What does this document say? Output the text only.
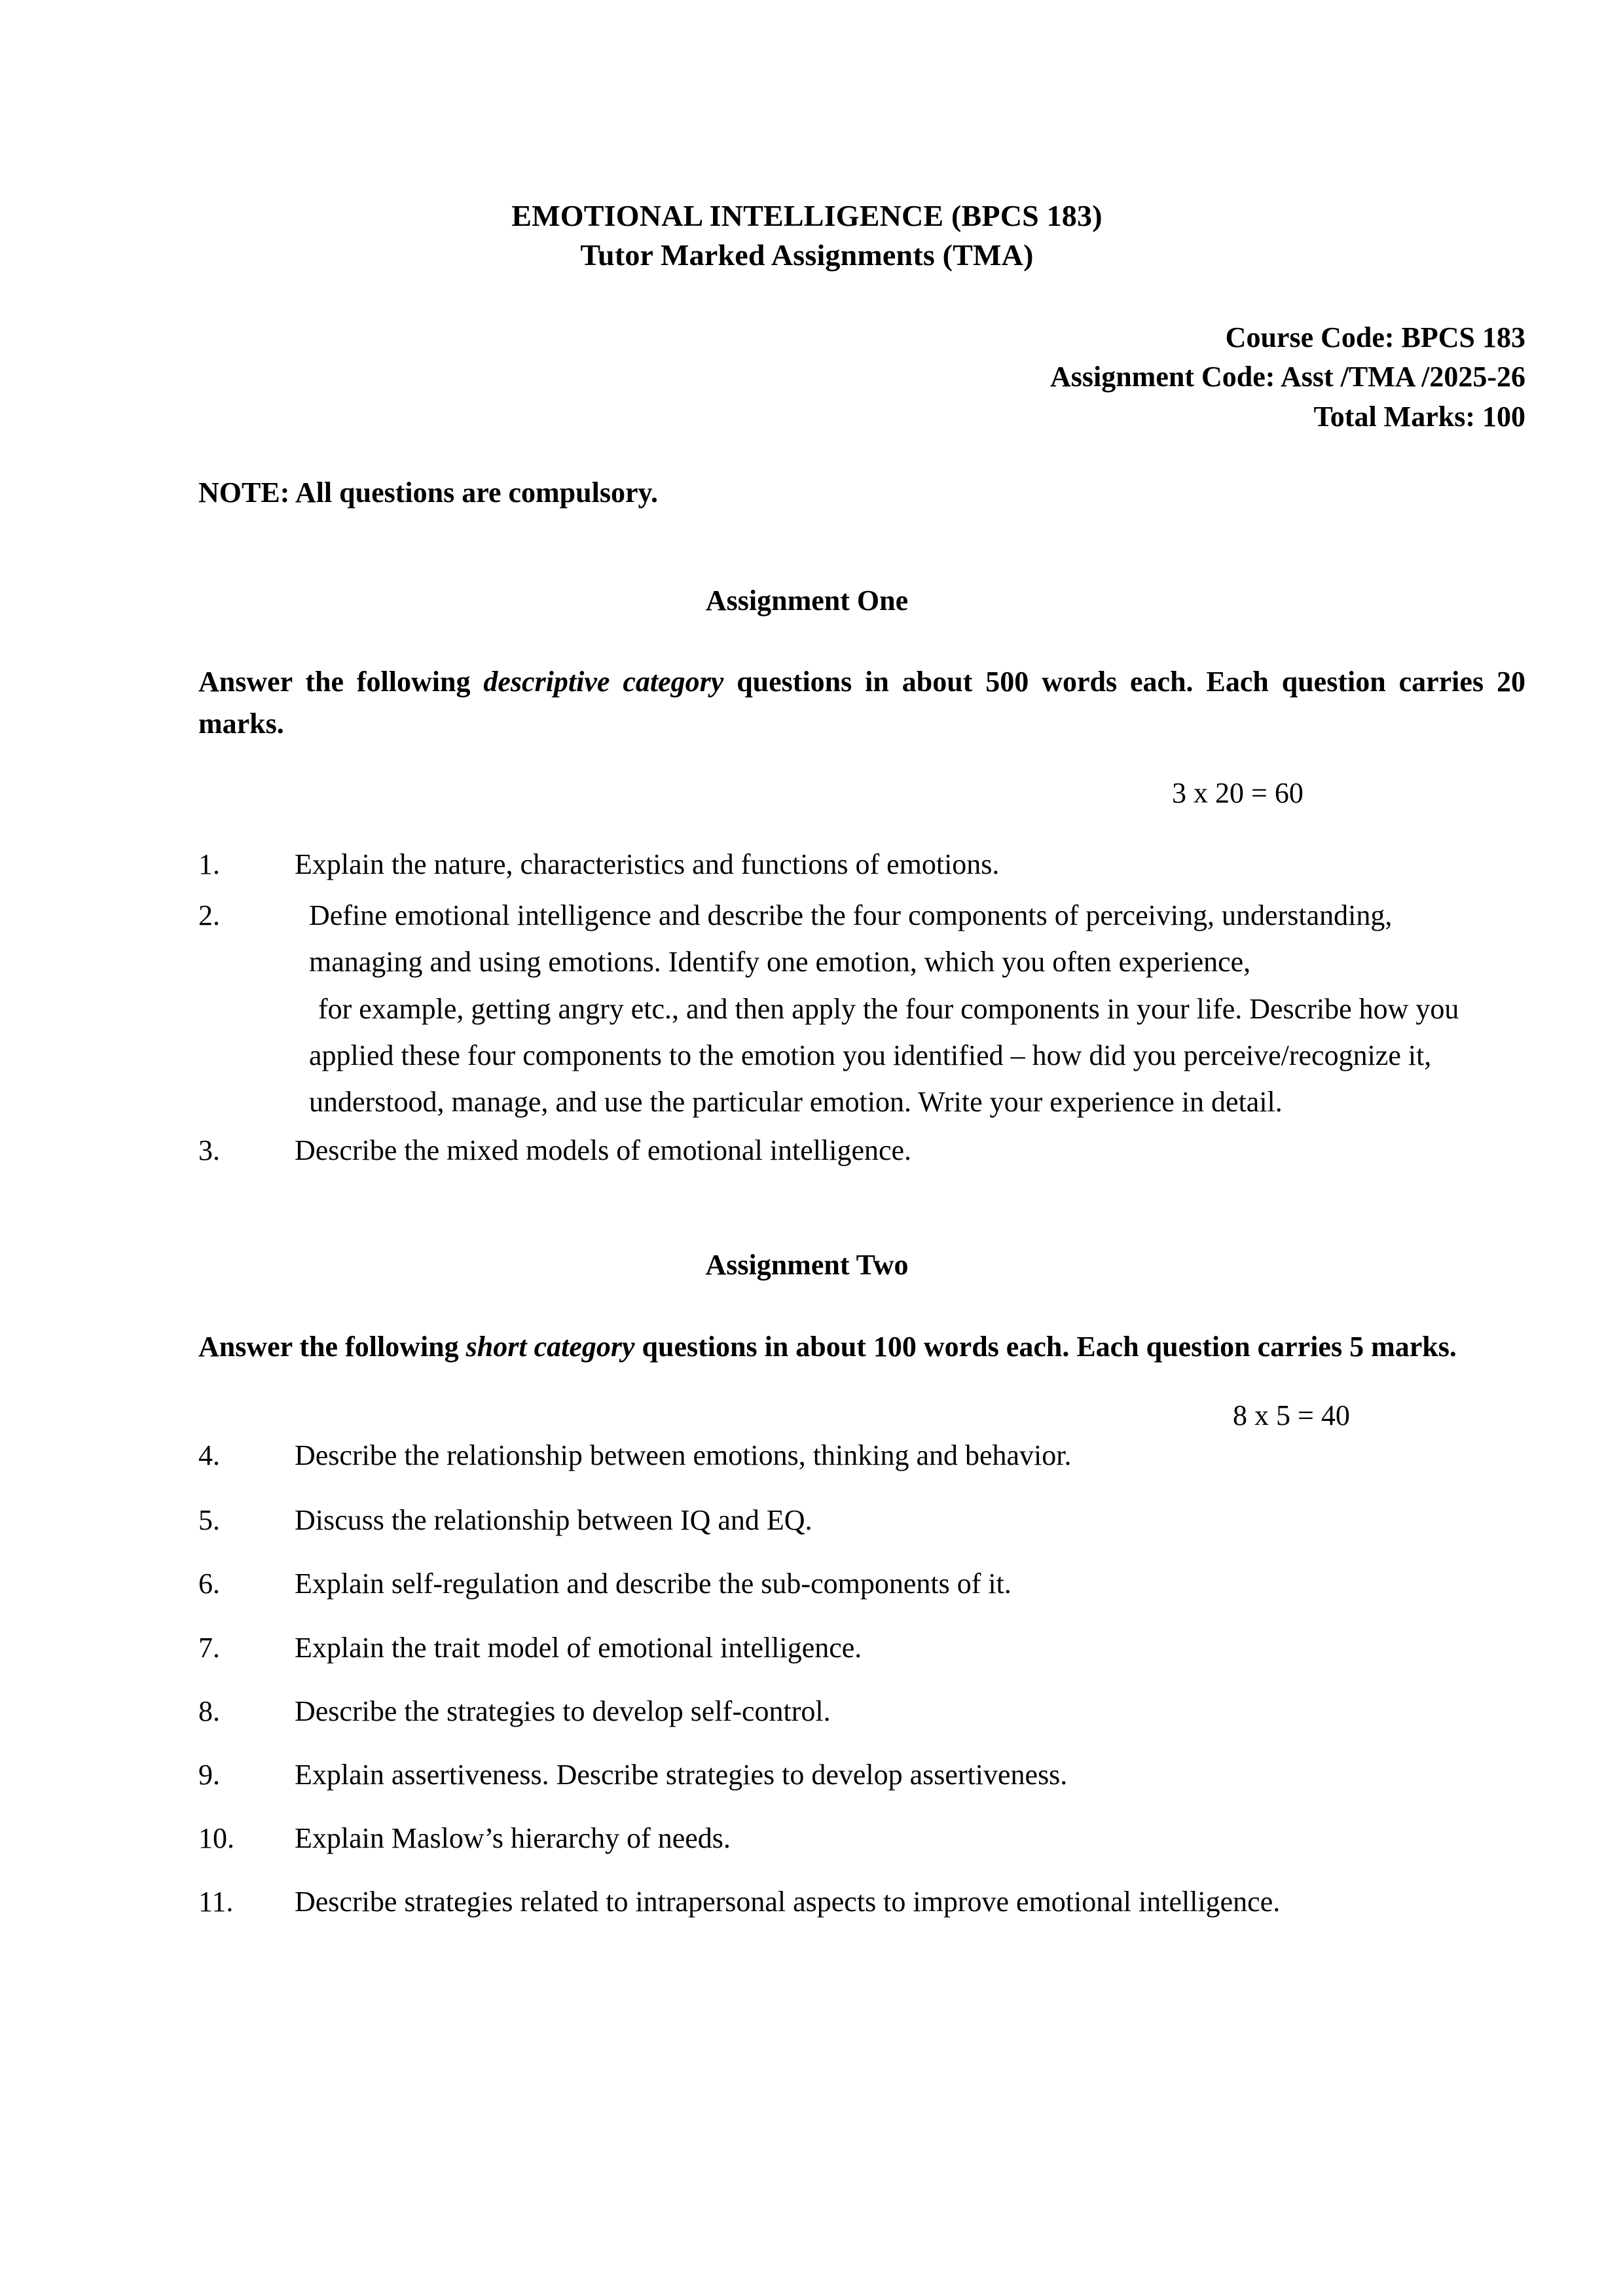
EMOTIONAL INTELLIGENCE (BPCS 183)
Tutor Marked Assignments (TMA)
Course Code: BPCS 183
Assignment Code: Asst /TMA /2025-26
Total Marks: 100
NOTE: All questions are compulsory.
Assignment One

Answer the following descriptive category questions in about 500 words each. Each question carries 20 marks.

3 x 20 = 60
1.	Explain the nature, characteristics and functions of emotions.
2.	Define emotional intelligence and describe the four components of perceiving, understanding,
managing and using emotions. Identify one emotion, which you often experience,
for example, getting angry etc., and then apply the four components in your life. Describe how you
applied these four components to the emotion you identified – how did you perceive/recognize it,
understood, manage, and use the particular emotion. Write your experience in detail.
3.	Describe the mixed models of emotional intelligence.
Assignment Two

Answer the following short category questions in about 100 words each. Each question carries 5 marks.

8 x 5 = 40
4.	Describe the relationship between emotions, thinking and behavior.
5.	Discuss the relationship between IQ and EQ.
6.	Explain self-regulation and describe the sub-components of it.
7.	Explain the trait model of emotional intelligence.
8.	Describe the strategies to develop self-control.
9.	Explain assertiveness. Describe strategies to develop assertiveness.
10.	Explain Maslow’s hierarchy of needs.
11.	Describe strategies related to intrapersonal aspects to improve emotional intelligence.
